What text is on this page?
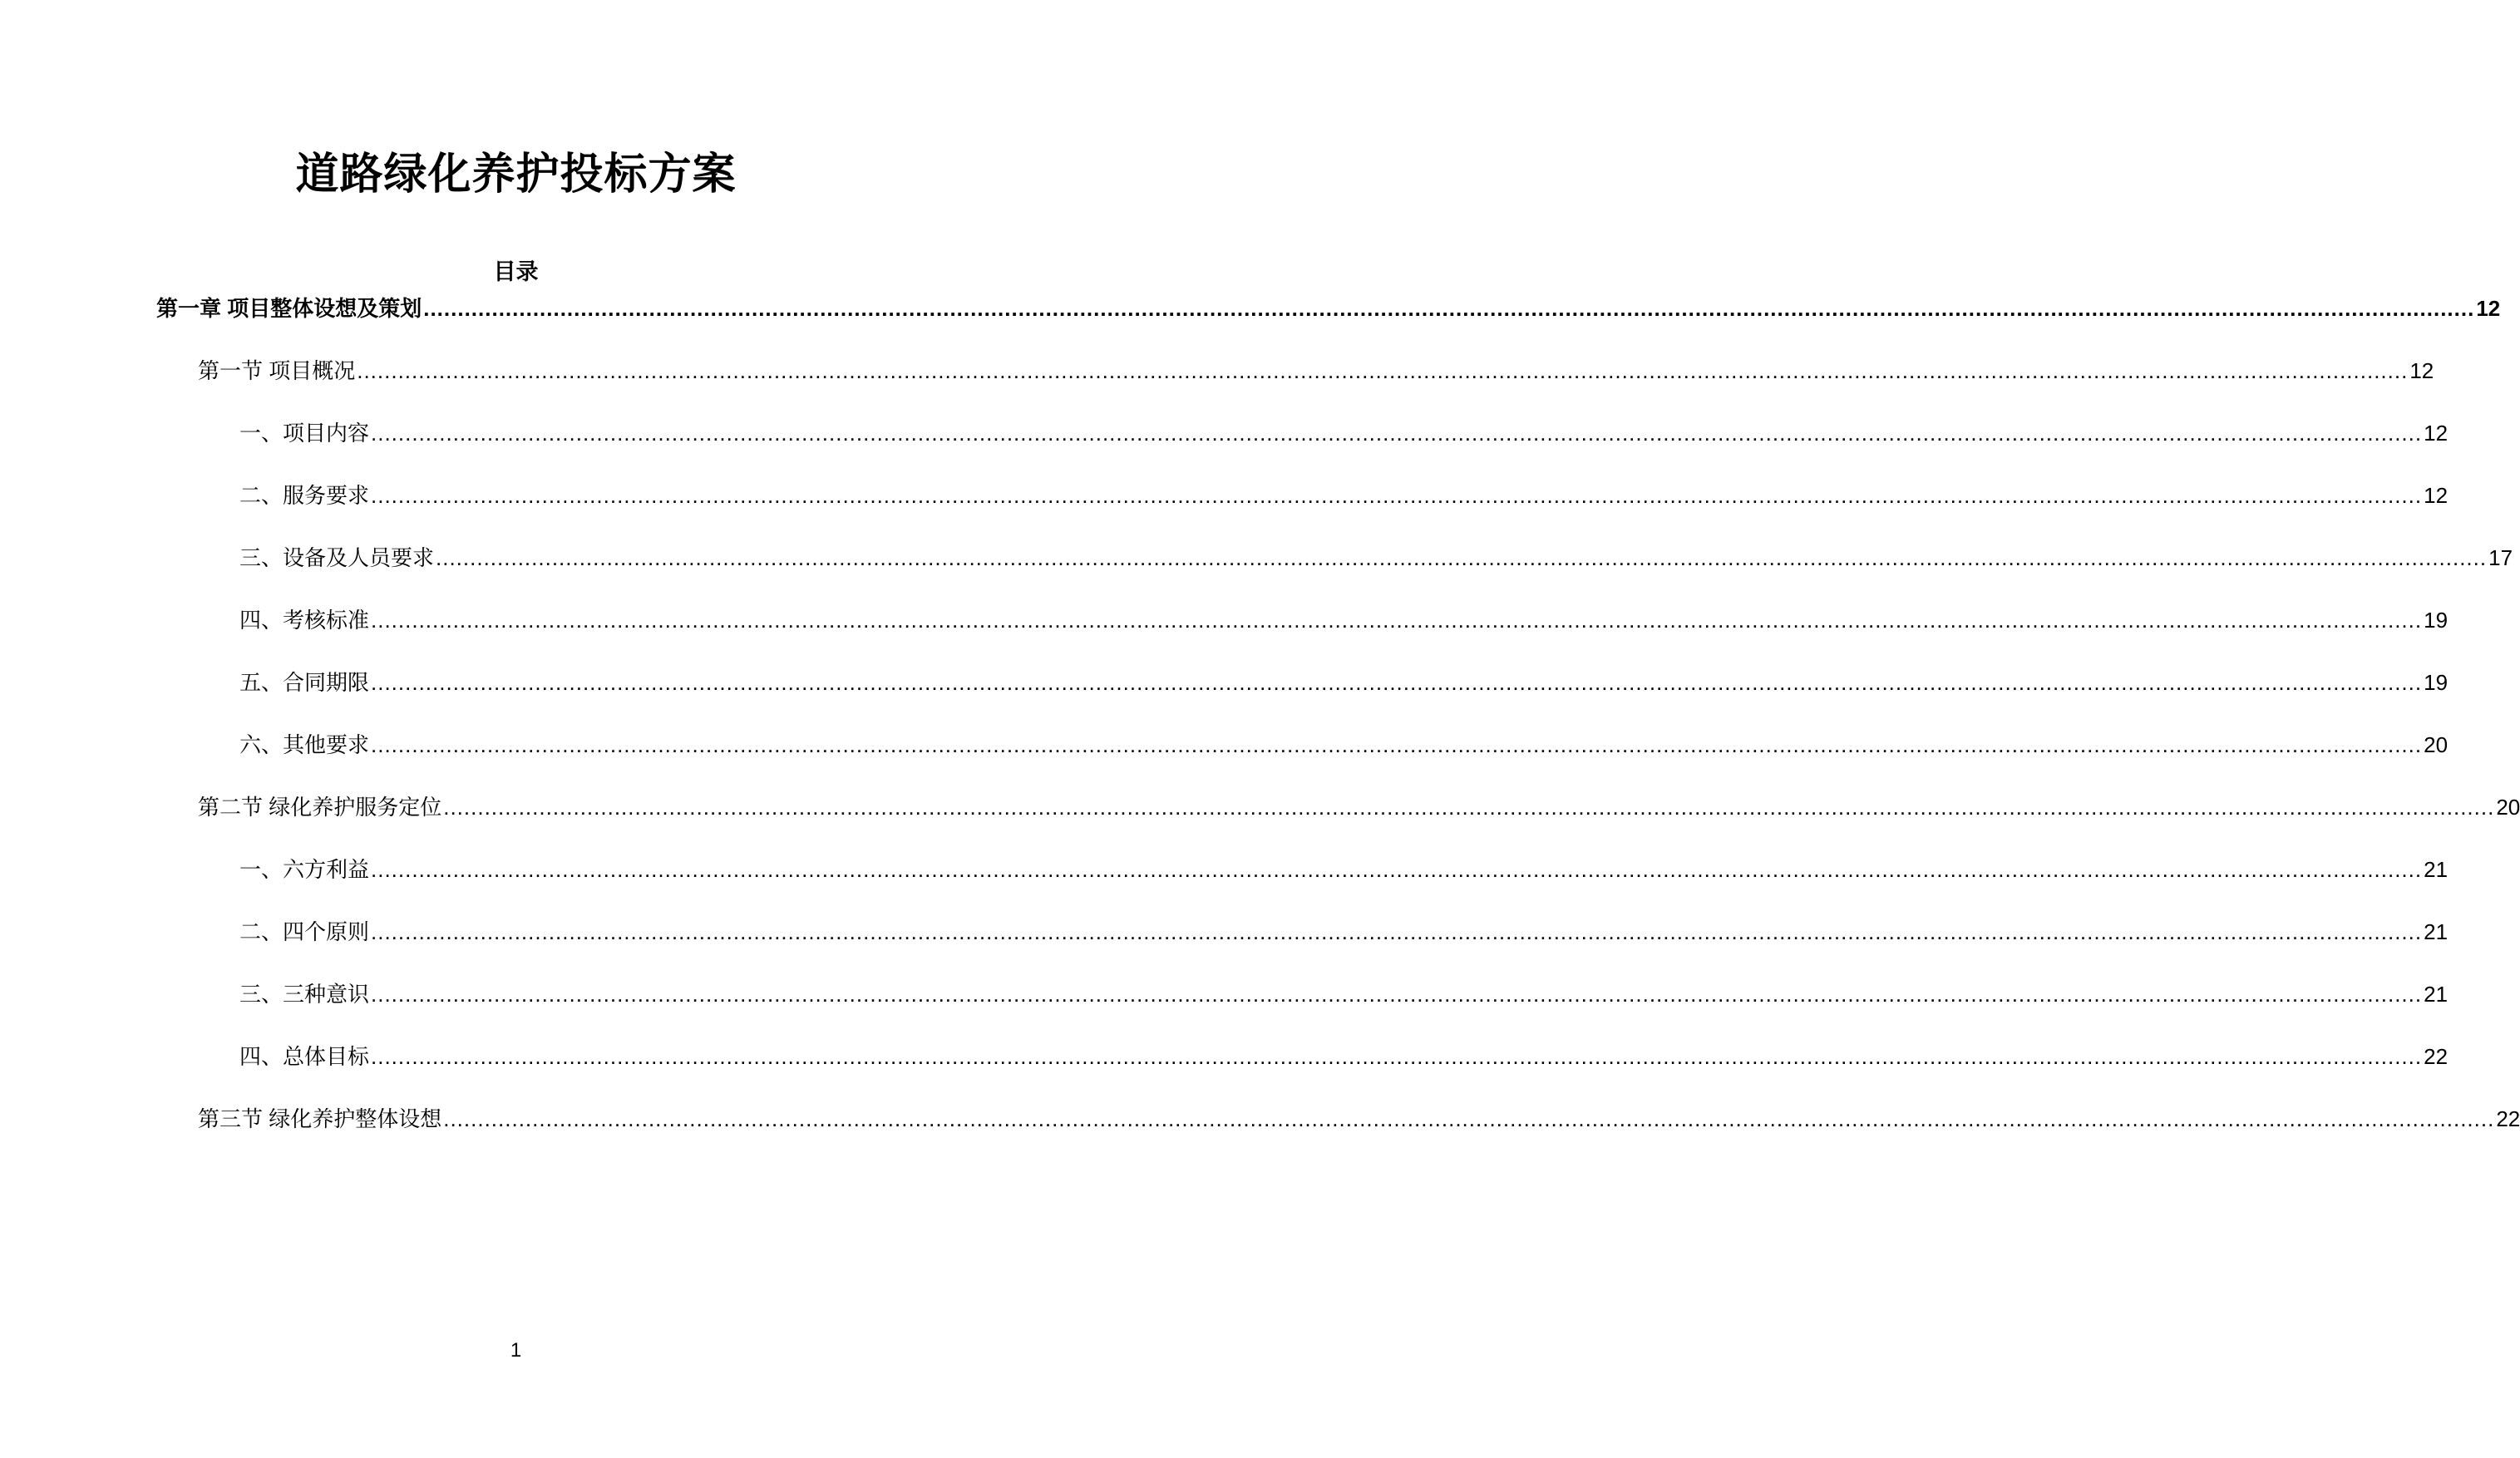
道路绿化养护投标方案
目录
第一章 项目整体设想及策划 ............................................................................................................................................................................................................................................................................................................ 12
第一节 项目概况 ............................................................................................................................................................................................................................................................................................................ 12
一、项目内容 ............................................................................................................................................................................................................................................................................................................ 12
二、服务要求 ............................................................................................................................................................................................................................................................................................................ 12
三、设备及人员要求 ............................................................................................................................................................................................................................................................................................................ 17
四、考核标准 ............................................................................................................................................................................................................................................................................................................ 19
五、合同期限 ............................................................................................................................................................................................................................................................................................................ 19
六、其他要求 ............................................................................................................................................................................................................................................................................................................ 20
第二节 绿化养护服务定位 ............................................................................................................................................................................................................................................................................................................ 20
一、六方利益 ............................................................................................................................................................................................................................................................................................................ 21
二、四个原则 ............................................................................................................................................................................................................................................................................................................ 21
三、三种意识 ............................................................................................................................................................................................................................................................................................................ 21
四、总体目标 ............................................................................................................................................................................................................................................................................................................ 22
第三节 绿化养护整体设想 ............................................................................................................................................................................................................................................................................................................ 22
1
